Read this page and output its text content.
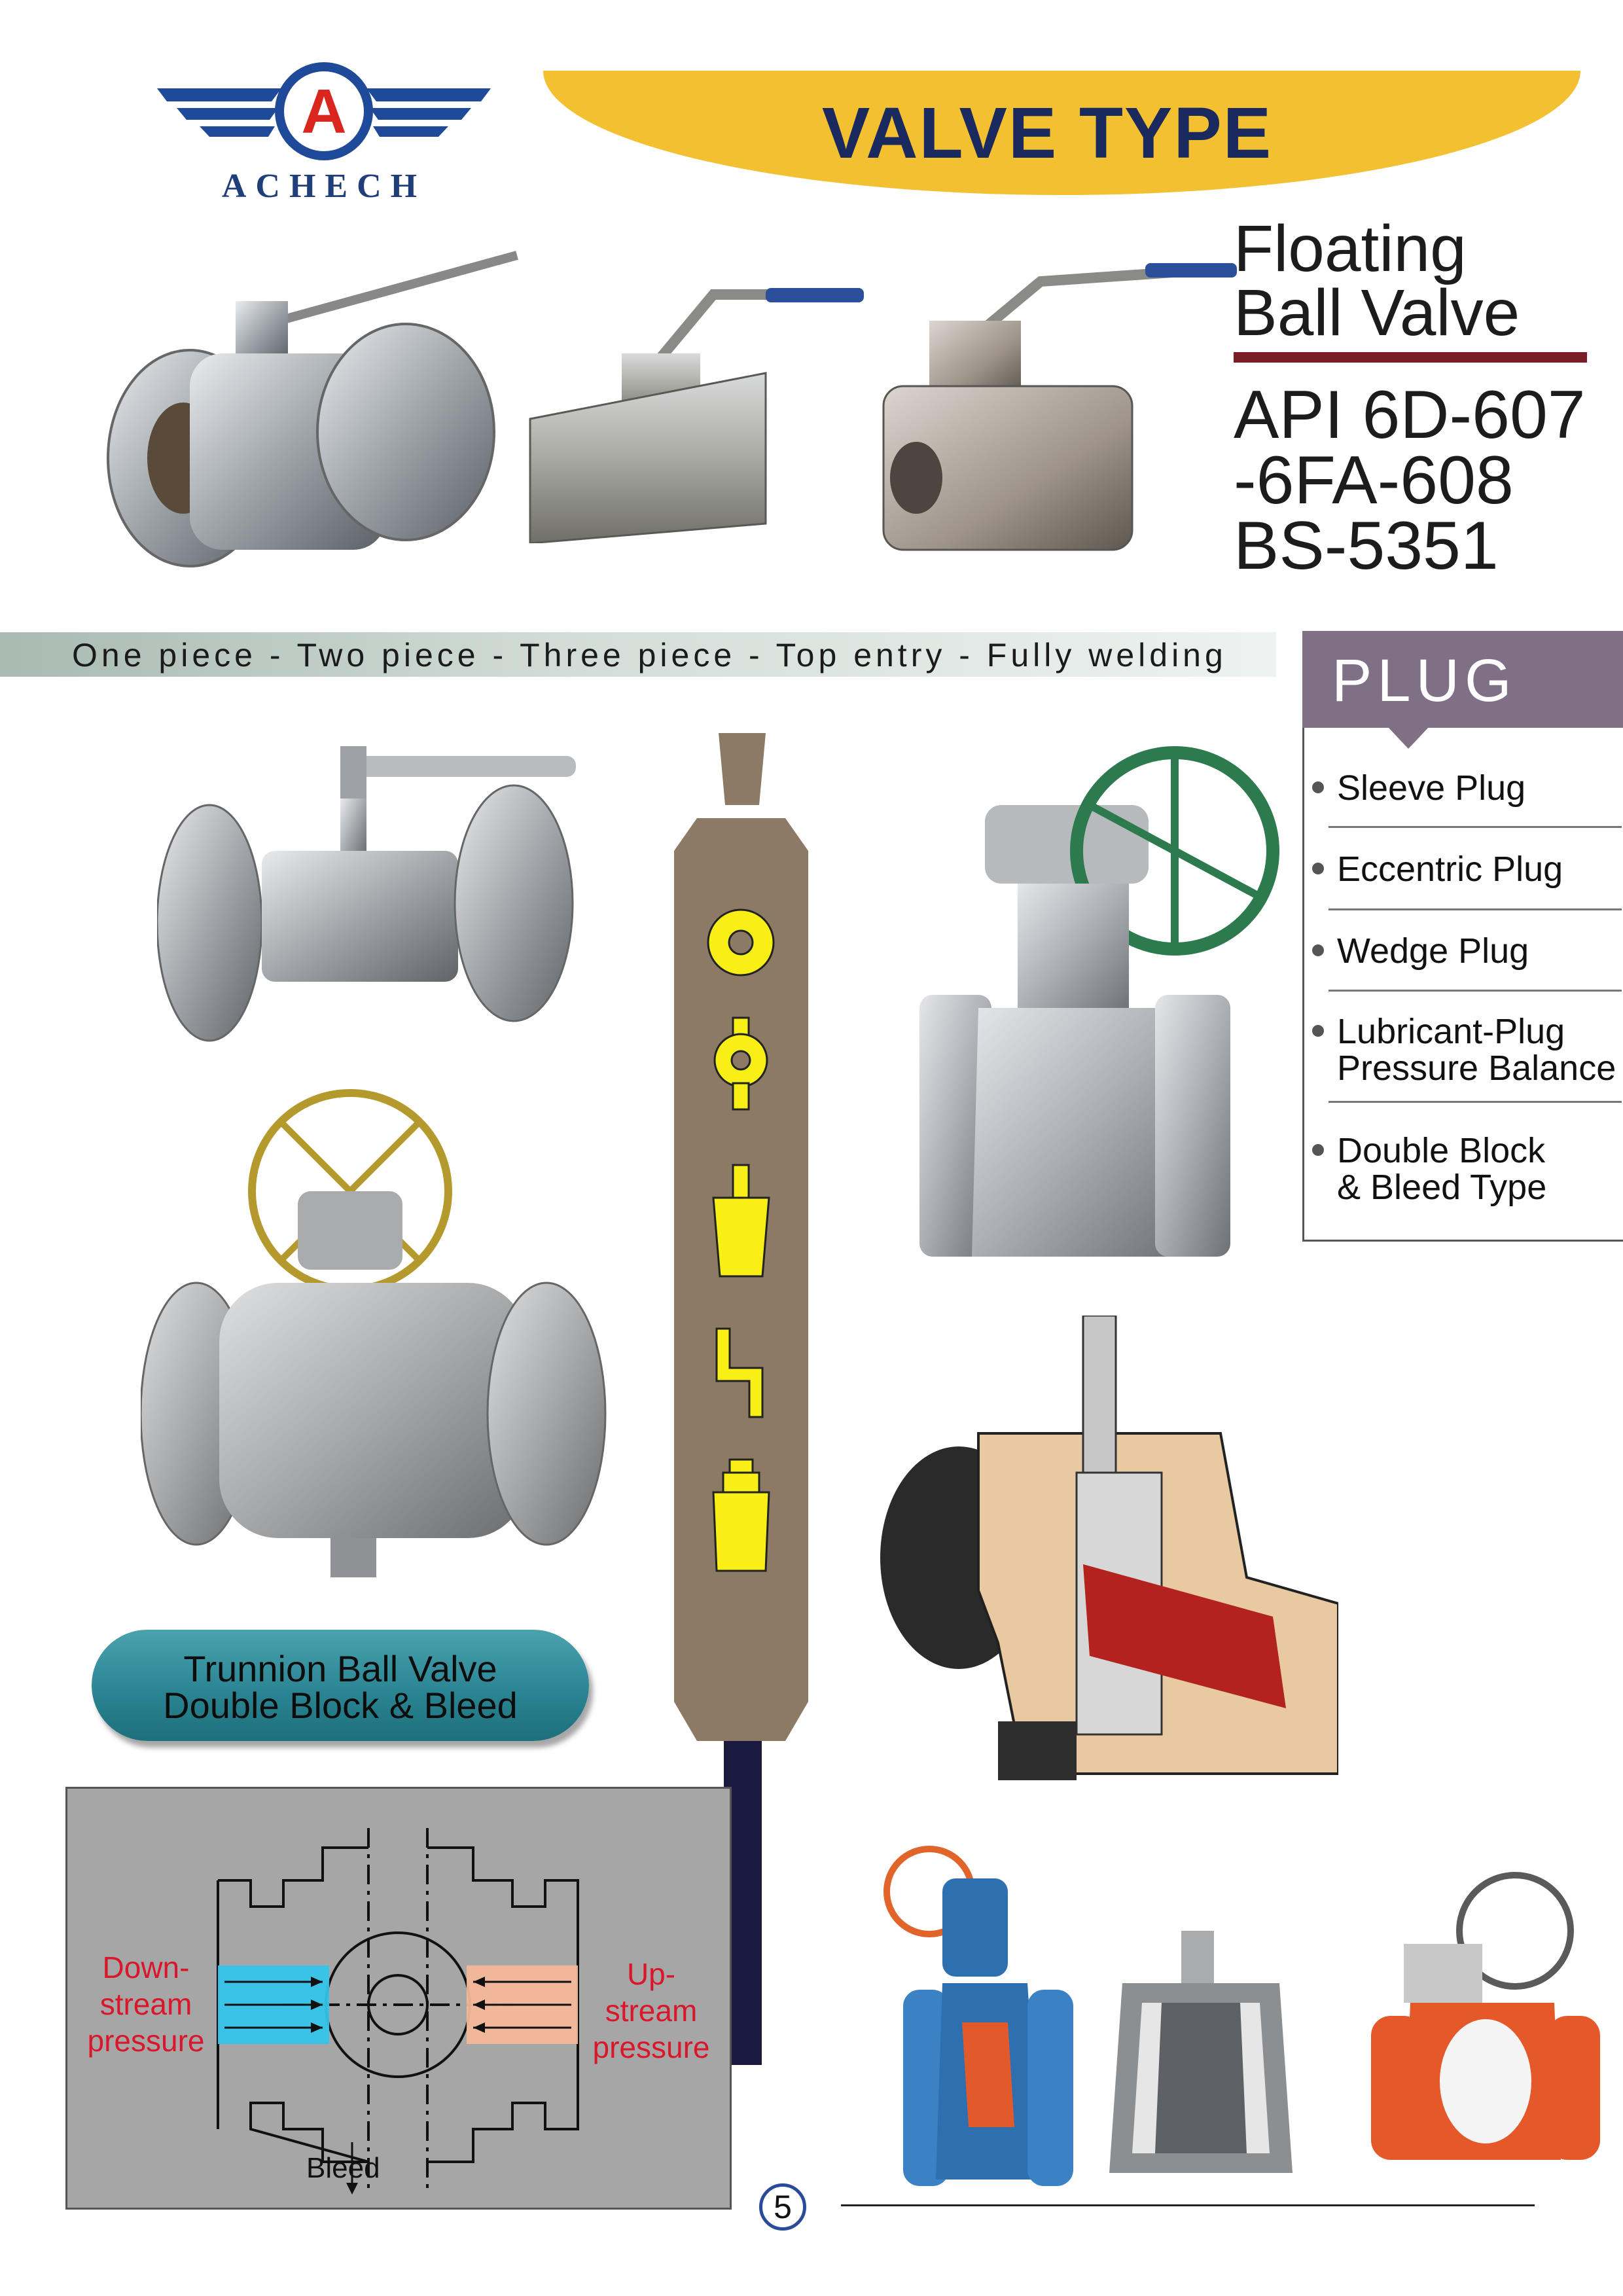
A
ACHECH
VALVE TYPE
Floating
Ball Valve
API 6D-607
-6FA-608
BS-5351
One piece - Two piece - Three piece - Top entry - Fully welding PLUG
Sleeve Plug
Eccentric Plug
Wedge Plug
Lubricant-Plug
Pressure Balance
Double Block
& Bleed Type
Trunnion Ball Valve
Double Block & Bleed
Down-
stream
pressure
Up-
stream
pressure
Bleed
5
